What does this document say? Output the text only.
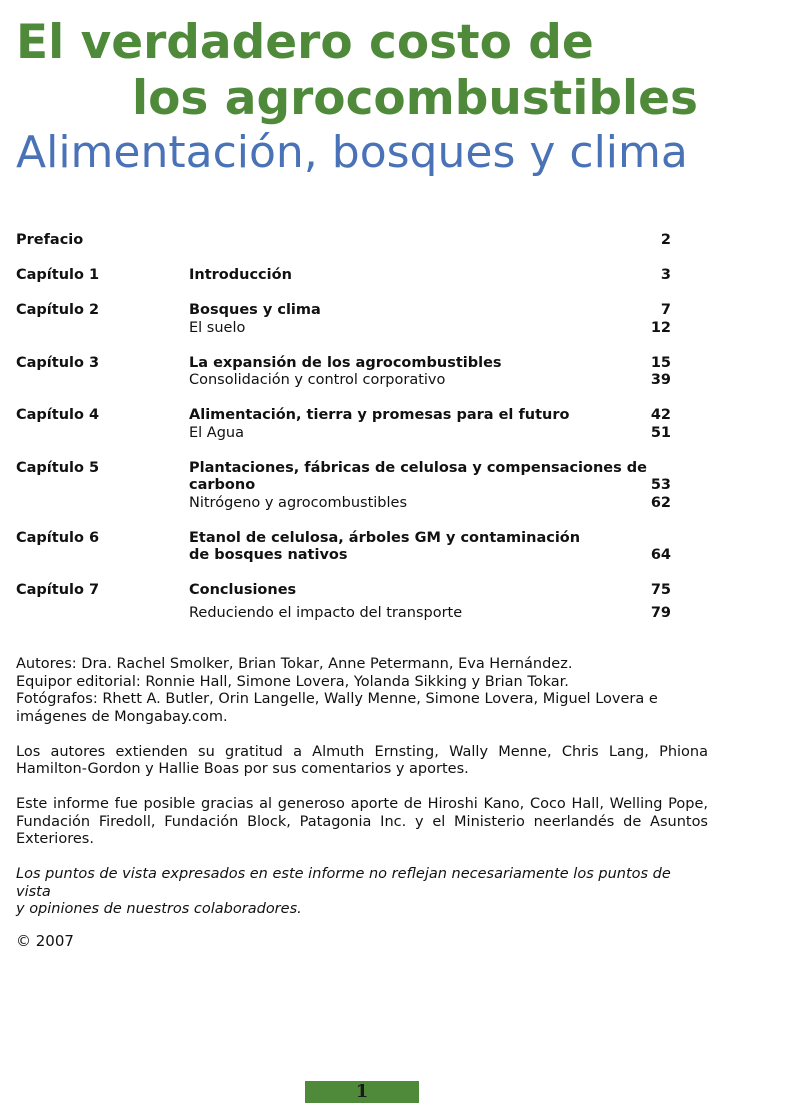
El verdadero costo de
los agrocombustibles
Alimentación, bosques y clima
Prefacio	2
Capítulo 1	Introducción	3
Capítulo 2	Bosques y clima	7
El suelo	12
Capítulo 3	La expansión de los agrocombustibles	15
Consolidación y control corporativo	39
Capítulo 4	Alimentación, tierra y promesas para el futuro	42
El Agua	51
Capítulo 5	Plantaciones, fábricas de celulosa y compensaciones de
carbono	53
Nitrógeno y agrocombustibles	62
Capítulo 6	Etanol de celulosa, árboles GM y contaminación
de bosques nativos	64
Capítulo 7	Conclusiones	75
Reduciendo el impacto del transporte	79
Autores: Dra. Rachel Smolker, Brian Tokar, Anne Petermann, Eva Hernández.
Equipor editorial: Ronnie Hall, Simone Lovera, Yolanda Sikking y Brian Tokar.
Fotógrafos: Rhett A. Butler, Orin Langelle, Wally Menne, Simone Lovera, Miguel Lovera e
imágenes de Mongabay.com.

Los autores extienden su gratitud a Almuth Ernsting, Wally Menne, Chris Lang, Phiona Hamilton-Gordon y Hallie Boas por sus comentarios y aportes.

Este informe fue posible gracias al generoso aporte de Hiroshi Kano, Coco Hall, Welling Pope, Fundación Firedoll, Fundación Block, Patagonia Inc. y el Ministerio neerlandés de Asuntos Exteriores.

Los puntos de vista expresados en este informe no reflejan necesariamente los puntos de vista
y opiniones de nuestros colaboradores.
© 2007
1
